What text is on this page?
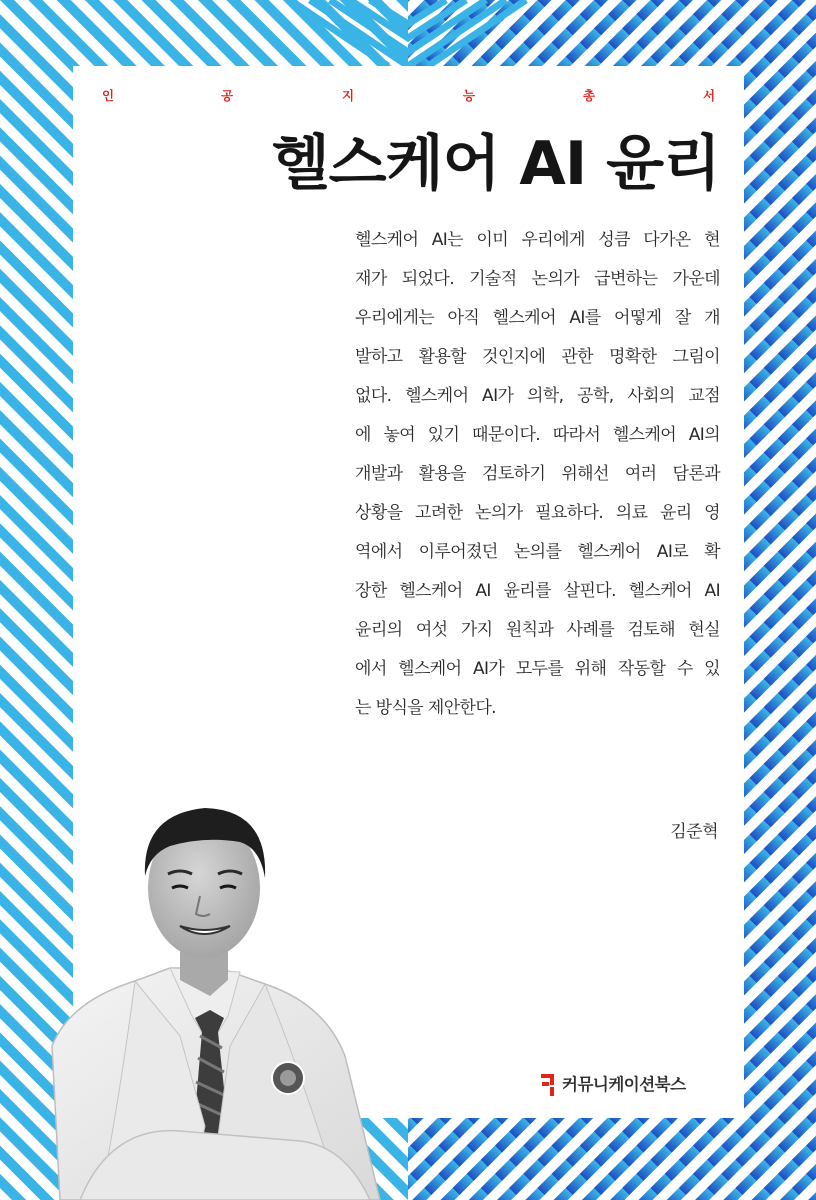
인	공	지	능	총	서
헬스케어 AI 윤리
헬스케어 AI는 이미 우리에게 성큼 다가온 현
재가 되었다. 기술적 논의가 급변하는 가운데
우리에게는 아직 헬스케어 AI를 어떻게 잘 개
발하고 활용할 것인지에 관한 명확한 그림이
없다. 헬스케어 AI가 의학, 공학, 사회의 교점
에 놓여 있기 때문이다. 따라서 헬스케어 AI의
개발과 활용을 검토하기 위해선 여러 담론과
상황을 고려한 논의가 필요하다. 의료 윤리 영
역에서 이루어졌던 논의를 헬스케어 AI로 확
장한 헬스케어 AI 윤리를 살핀다. 헬스케어 AI
윤리의 여섯 가지 원칙과 사례를 검토해 현실
에서 헬스케어 AI가 모두를 위해 작동할 수 있
는 방식을 제안한다.
김준혁
커뮤니케이션북스
